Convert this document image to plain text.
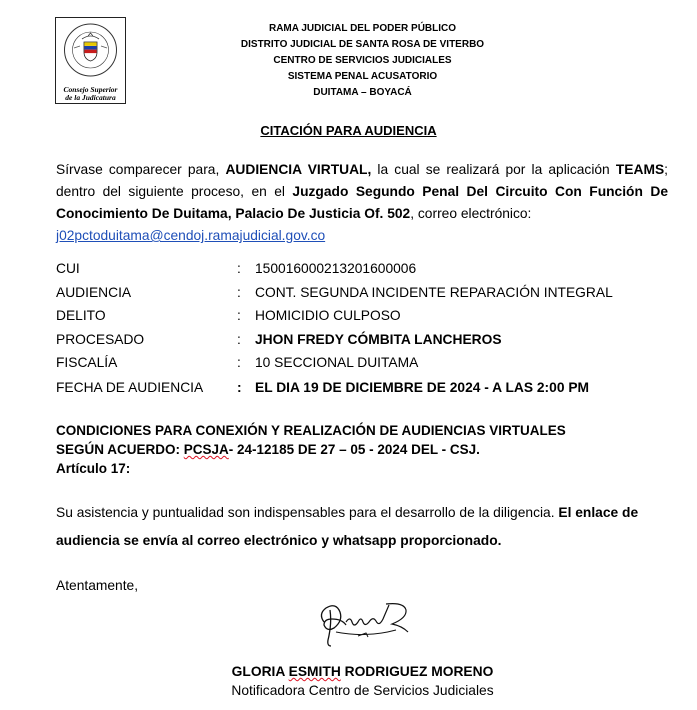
Consejo Superior
de la Judicatura
RAMA JUDICIAL DEL PODER PÚBLICO
DISTRITO JUDICIAL DE SANTA ROSA DE VITERBO
CENTRO DE SERVICIOS JUDICIALES
SISTEMA PENAL ACUSATORIO
DUITAMA – BOYACÁ
CITACIÓN PARA AUDIENCIA
Sírvase comparecer para, AUDIENCIA VIRTUAL, la cual se realizará por la aplicación TEAMS; dentro del siguiente proceso, en el Juzgado Segundo Penal Del Circuito Con Función De Conocimiento De Duitama, Palacio De Justicia Of. 502, correo electrónico:
j02pctoduitama@cendoj.ramajudicial.gov.co
CUI	: 150016000213201600006
AUDIENCIA	: CONT. SEGUNDA INCIDENTE REPARACIÓN INTEGRAL
DELITO	: HOMICIDIO CULPOSO
PROCESADO	: JHON FREDY CÓMBITA LANCHEROS
FISCALÍA	: 10 SECCIONAL DUITAMA
FECHA DE AUDIENCIA	: EL DIA 19 DE DICIEMBRE DE 2024 - A LAS 2:00 PM
CONDICIONES PARA CONEXIÓN Y REALIZACIÓN DE AUDIENCIAS VIRTUALES
SEGÚN ACUERDO: PCSJA- 24-12185 DE 27 – 05 - 2024 DEL - CSJ.
Artículo 17:
Su asistencia y puntualidad son indispensables para el desarrollo de la diligencia. El enlace de audiencia se envía al correo electrónico y whatsapp proporcionado.
Atentamente,
GLORIA ESMITH RODRIGUEZ MORENO
Notificadora Centro de Servicios Judiciales
